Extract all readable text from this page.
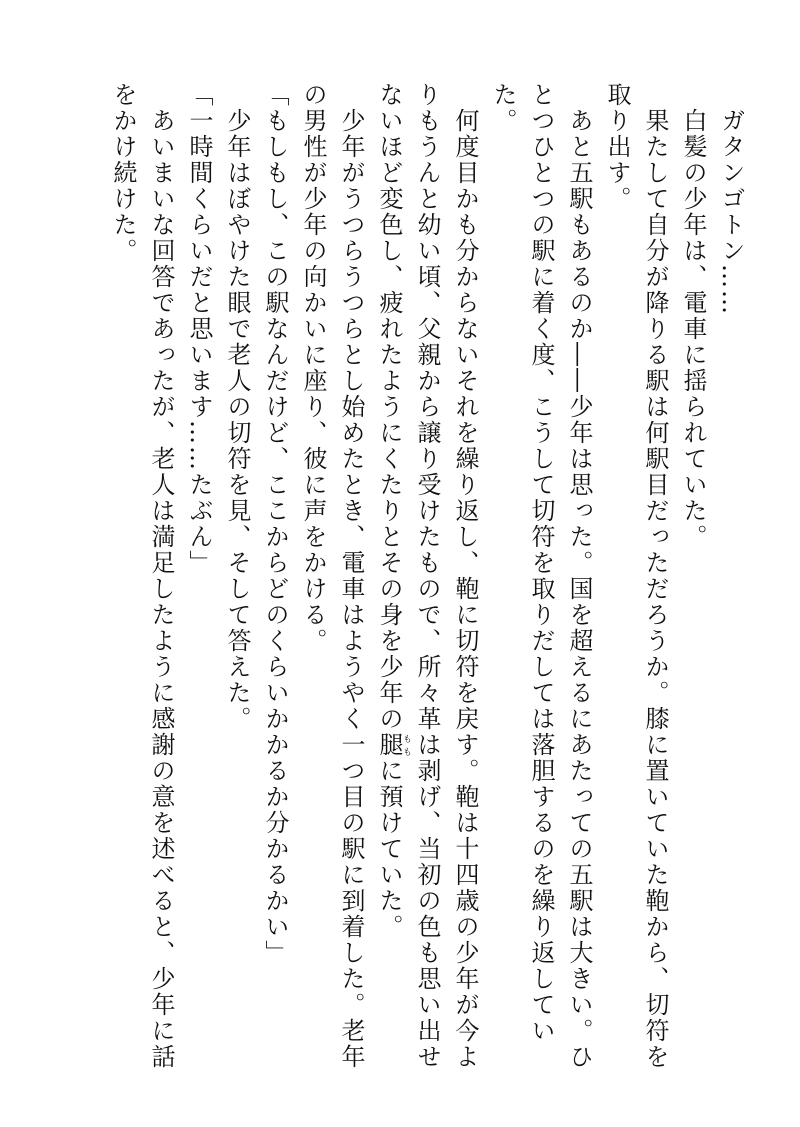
　ガタンゴトン……

　白髪の少年は、電車に揺られていた。

　果たして自分が降りる駅は何駅目だっただろうか。膝に置いていた鞄から、切符を取り出す。

　あと五駅もあるのか――少年は思った。国を超えるにあたっての五駅は大きい。ひとつひとつの駅に着く度、こうして切符を取りだしては落胆するのを繰り返していた。

　何度目かも分からないそれを繰り返し、鞄に切符を戻す。鞄は十四歳の少年が今よりもうんと幼い頃、父親から譲り受けたもので、所々革は剥げ、当初の色も思い出せないほど変色し、疲れたようにくたりとその身を少年の腿ももに預けていた。

　少年がうつらうつらとし始めたとき、電車はようやく一つ目の駅に到着した。老年の男性が少年の向かいに座り、彼に声をかける。

「もしもし、この駅なんだけど、ここからどのくらいかかるか分かるかい」

　少年はぼやけた眼で老人の切符を見、そして答えた。

「一時間くらいだと思います……たぶん」

　あいまいな回答であったが、老人は満足したように感謝の意を述べると、少年に話をかけ続けた。
